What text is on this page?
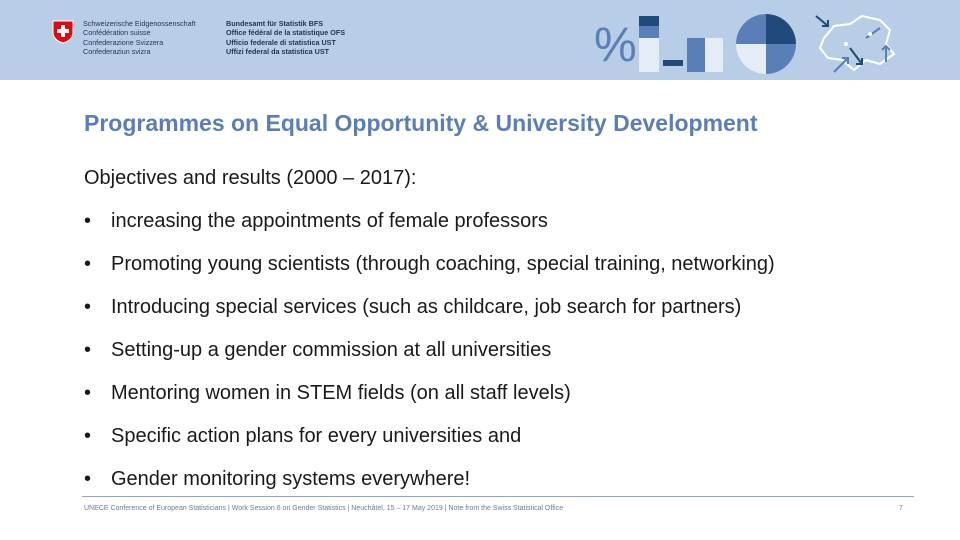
Schweizerische Eidgenossenschaft
Confédération suisse
Confederazione Svizzera
Confederaziun svizra
Bundesamt für Statistik BFS
Office fédéral de la statistique OFS
Ufficio federale di statistica UST
Uffizi federal da statistica UST	%
Programmes on Equal Opportunity & University Development
Objectives and results (2000 – 2017):
• increasing the appointments of female professors
• Promoting young scientists (through coaching, special training, networking)
• Introducing special services (such as childcare, job search for partners)
• Setting-up a gender commission at all universities
• Mentoring women in STEM fields (on all staff levels)
• Specific action plans for every universities and
• Gender monitoring systems everywhere!
UNECE Conference of European Statisticians | Work Session 6 on Gender Statistics | Neuchâtel, 15 – 17 May 2019 | Note from the Swiss Statistical Office	7
